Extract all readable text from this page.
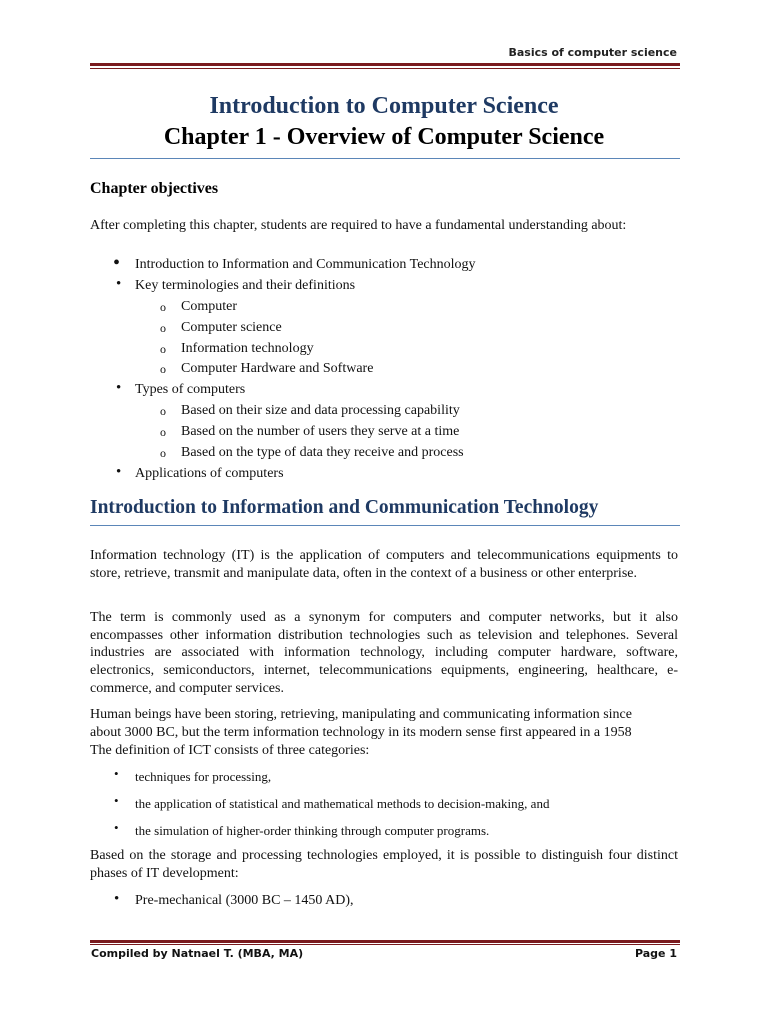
Basics of computer science
Introduction to Computer Science
Chapter 1 - Overview of Computer Science
Chapter objectives
After completing this chapter, students are required to have a fundamental understanding about:
• Introduction to Information and Communication Technology
• Key terminologies and their definitions
o Computer
o Computer science
o Information technology
o Computer Hardware and Software
• Types of computers
o Based on their size and data processing capability
o Based on the number of users they serve at a time
o Based on the type of data they receive and process
• Applications of computers
Introduction to Information and Communication Technology
Information technology (IT) is the application of computers and telecommunications equipments to store, retrieve, transmit and manipulate data, often in the context of a business or other enterprise.
The term is commonly used as a synonym for computers and computer networks, but it also encompasses other information distribution technologies such as television and telephones. Several industries are associated with information technology, including computer hardware, software, electronics, semiconductors, internet, telecommunications equipments, engineering, healthcare, e-commerce, and computer services.
Human beings have been storing, retrieving, manipulating and communicating information since
about 3000 BC, but the term information technology in its modern sense first appeared in a 1958
The definition of ICT consists of three categories:
• techniques for processing,
• the application of statistical and mathematical methods to decision-making, and
• the simulation of higher-order thinking through computer programs.
Based on the storage and processing technologies employed, it is possible to distinguish four distinct phases of IT development:
• Pre-mechanical (3000 BC – 1450 AD),
Compiled by Natnael T. (MBA, MA)	Page 1
